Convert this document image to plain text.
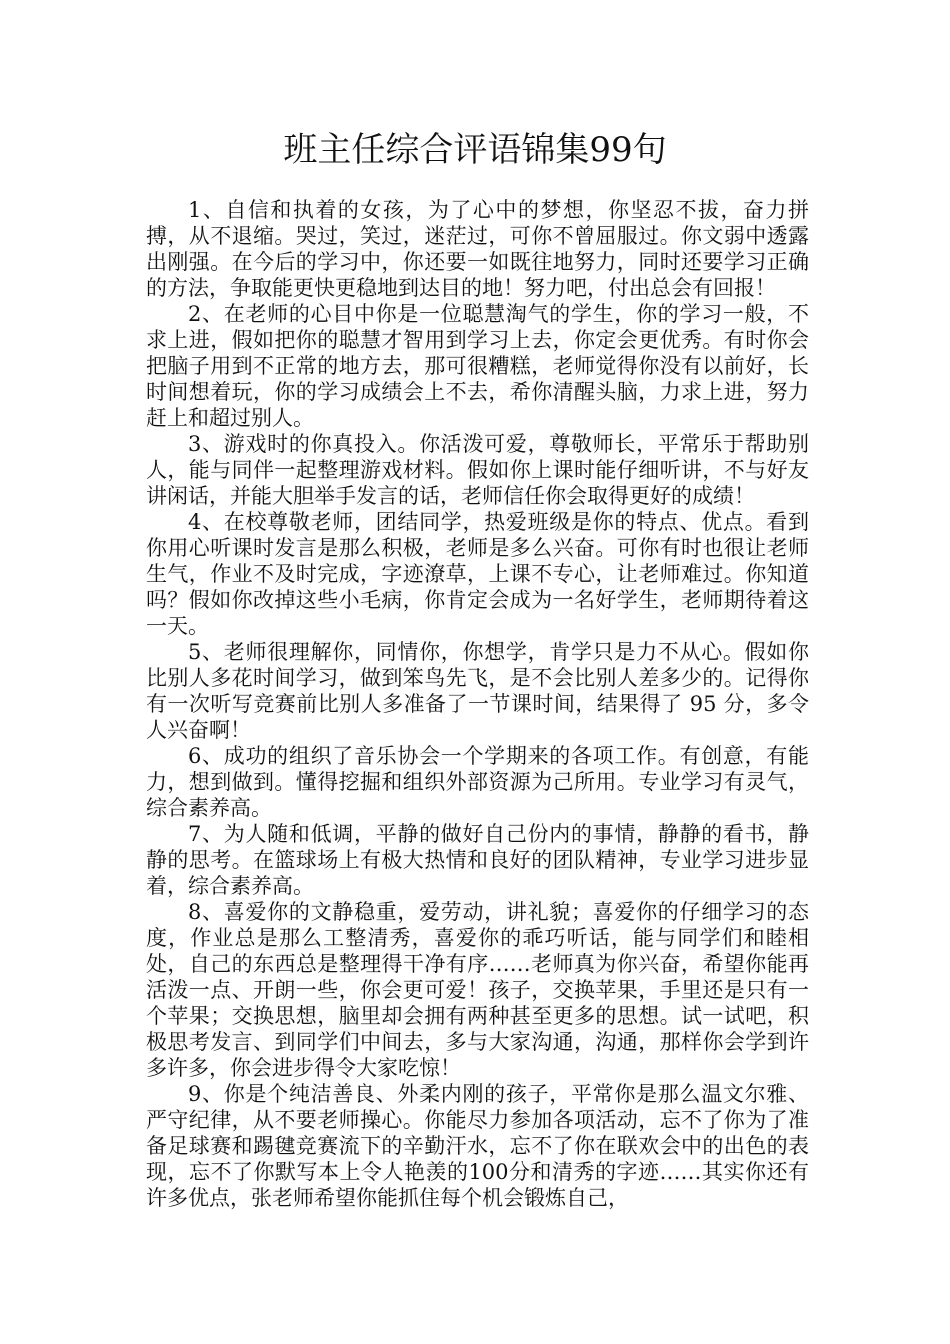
班主任综合评语锦集99句

1、自信和执着的女孩，为了心中的梦想，你坚忍不拔，奋力拼搏，从不退缩。哭过，笑过，迷茫过，可你不曾屈服过。你文弱中透露出刚强。在今后的学习中，你还要一如既往地努力，同时还要学习正确的方法，争取能更快更稳地到达目的地！努力吧，付出总会有回报！

2、在老师的心目中你是一位聪慧淘气的学生，你的学习一般，不求上进，假如把你的聪慧才智用到学习上去，你定会更优秀。有时你会把脑子用到不正常的地方去，那可很糟糕，老师觉得你没有以前好，长时间想着玩，你的学习成绩会上不去，希你清醒头脑，力求上进，努力赶上和超过别人。

3、游戏时的你真投入。你活泼可爱，尊敬师长，平常乐于帮助别人，能与同伴一起整理游戏材料。假如你上课时能仔细听讲，不与好友讲闲话，并能大胆举手发言的话，老师信任你会取得更好的成绩！

4、在校尊敬老师，团结同学，热爱班级是你的特点、优点。看到你用心听课时发言是那么积极，老师是多么兴奋。可你有时也很让老师生气，作业不及时完成，字迹潦草，上课不专心，让老师难过。你知道吗？假如你改掉这些小毛病，你肯定会成为一名好学生，老师期待着这一天。

5、老师很理解你，同情你，你想学，肯学只是力不从心。假如你比别人多花时间学习，做到笨鸟先飞，是不会比别人差多少的。记得你有一次听写竞赛前比别人多准备了一节课时间，结果得了 95 分，多令人兴奋啊！

6、成功的组织了音乐协会一个学期来的各项工作。有创意，有能力，想到做到。懂得挖掘和组织外部资源为己所用。专业学习有灵气，综合素养高。

7、为人随和低调，平静的做好自己份内的事情，静静的看书，静静的思考。在篮球场上有极大热情和良好的团队精神，专业学习进步显着，综合素养高。

8、喜爱你的文静稳重，爱劳动，讲礼貌；喜爱你的仔细学习的态度，作业总是那么工整清秀，喜爱你的乖巧听话，能与同学们和睦相处，自己的东西总是整理得干净有序……老师真为你兴奋，希望你能再活泼一点、开朗一些，你会更可爱！孩子，交换苹果，手里还是只有一个苹果；交换思想，脑里却会拥有两种甚至更多的思想。试一试吧，积极思考发言、到同学们中间去，多与大家沟通，沟通，那样你会学到许多许多，你会进步得令大家吃惊！

9、你是个纯洁善良、外柔内刚的孩子，平常你是那么温文尔雅、严守纪律，从不要老师操心。你能尽力参加各项活动，忘不了你为了准备足球赛和踢毽竞赛流下的辛勤汗水，忘不了你在联欢会中的出色的表现，忘不了你默写本上令人艳羡的100分和清秀的字迹……其实你还有许多优点，张老师希望你能抓住每个机会锻炼自己，
